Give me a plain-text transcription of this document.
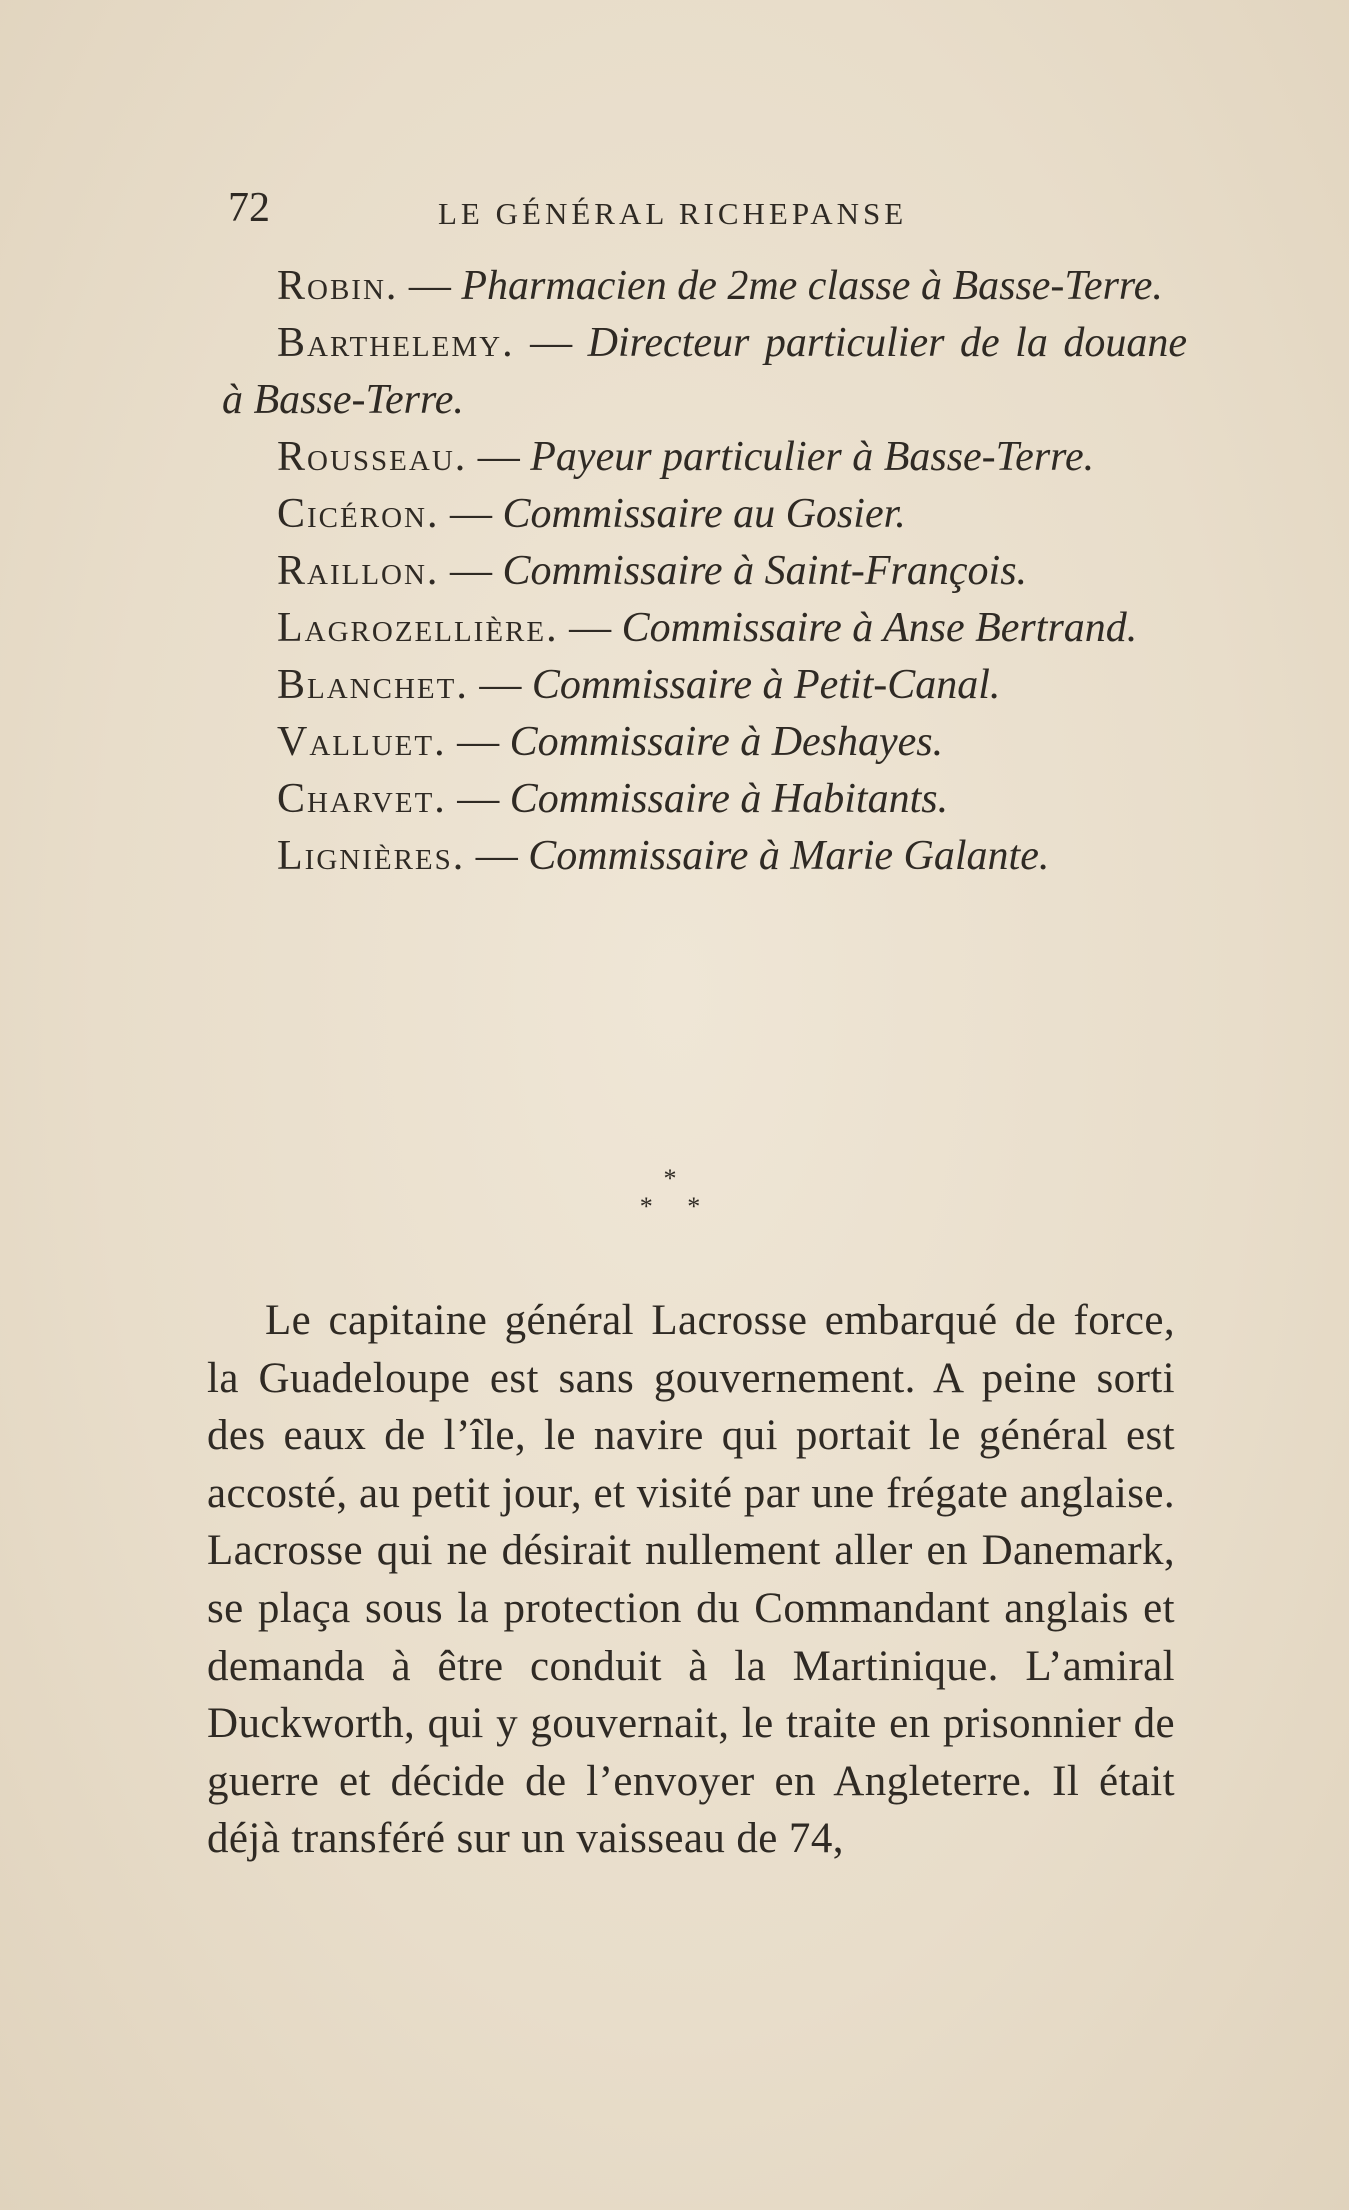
72	LE GÉNÉRAL RICHEPANSE

Robin. — Pharmacien de 2me classe à Basse-Terre.

Barthelemy. — Directeur particulier de la douane à Basse-Terre.

Rousseau. — Payeur particulier à Basse-Terre.

Cicéron. — Commissaire au Gosier.

Raillon. — Commissaire à Saint-François.

Lagrozellière. — Commissaire à Anse Bertrand.

Blanchet. — Commissaire à Petit-Canal.

Valluet. — Commissaire à Deshayes.

Charvet. — Commissaire à Habitants.

Lignières. — Commissaire à Marie Galante.

*
* *

Le capitaine général Lacrosse embarqué de force, la Guadeloupe est sans gouvernement. A peine sorti des eaux de l’île, le navire qui portait le général est accosté, au petit jour, et visité par une frégate anglaise. Lacrosse qui ne désirait nullement aller en Danemark, se plaça sous la protection du Commandant anglais et demanda à être conduit à la Martinique. L’amiral Duckworth, qui y gouvernait, le traite en prisonnier de guerre et décide de l’envoyer en Angleterre. Il était déjà transféré sur un vaisseau de 74,
